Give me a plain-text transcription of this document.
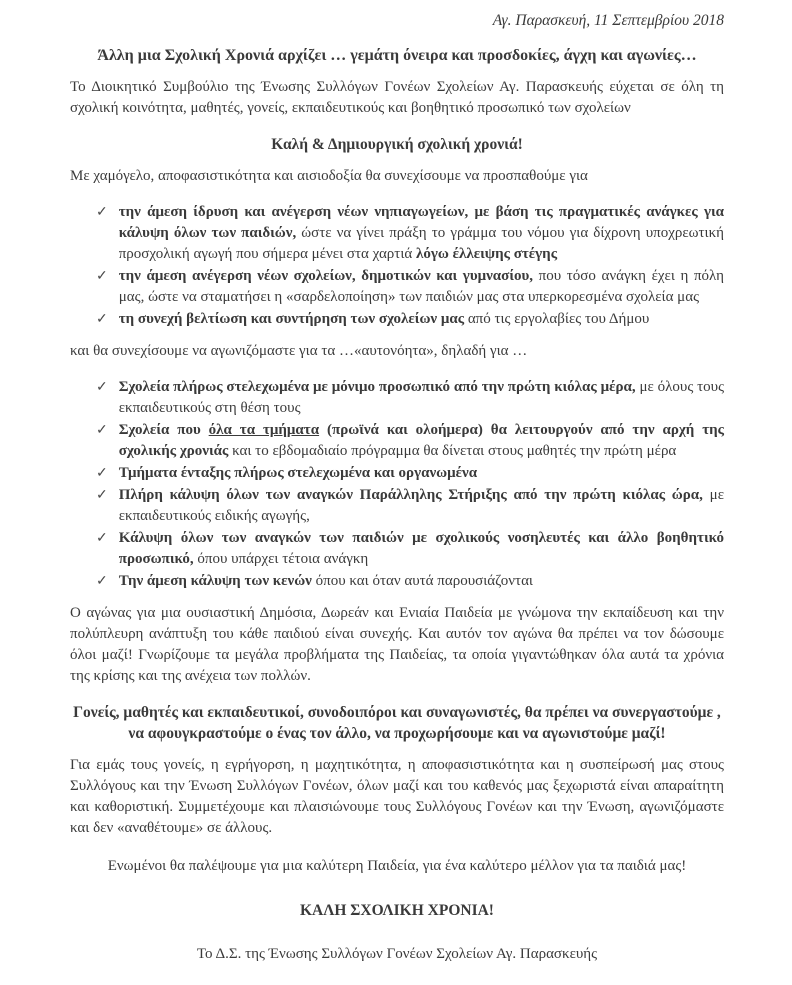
Αγ. Παρασκευή, 11 Σεπτεμβρίου 2018
Άλλη μια Σχολική Χρονιά αρχίζει … γεμάτη όνειρα και προσδοκίες, άγχη και αγωνίες…

Το Διοικητικό Συμβούλιο της Ένωσης Συλλόγων Γονέων Σχολείων Αγ. Παρασκευής εύχεται σε όλη τη σχολική κοινότητα, μαθητές, γονείς, εκπαιδευτικούς και βοηθητικό προσωπικό των σχολείων

Καλή & Δημιουργική σχολική χρονιά!

Με χαμόγελο, αποφασιστικότητα και αισιοδοξία θα συνεχίσουμε να προσπαθούμε για

✓ την άμεση ίδρυση και ανέγερση νέων νηπιαγωγείων, με βάση τις πραγματικές ανάγκες για κάλυψη όλων των παιδιών, ώστε να γίνει πράξη το γράμμα του νόμου για δίχρονη υποχρεωτική προσχολική αγωγή που σήμερα μένει στα χαρτιά λόγω έλλειψης στέγης
✓ την άμεση ανέγερση νέων σχολείων, δημοτικών και γυμνασίου, που τόσο ανάγκη έχει η πόλη μας, ώστε να σταματήσει η «σαρδελοποίηση» των παιδιών μας στα υπερκορεσμένα σχολεία μας
✓ τη συνεχή βελτίωση και συντήρηση των σχολείων μας από τις εργολαβίες του Δήμου

και θα συνεχίσουμε να αγωνιζόμαστε για τα …«αυτονόητα», δηλαδή για …

✓ Σχολεία πλήρως στελεχωμένα με μόνιμο προσωπικό από την πρώτη κιόλας μέρα, με όλους τους εκπαιδευτικούς στη θέση τους
✓ Σχολεία που όλα τα τμήματα (πρωϊνά και ολοήμερα) θα λειτουργούν από την αρχή της σχολικής χρονιάς και το εβδομαδιαίο πρόγραμμα θα δίνεται στους μαθητές την πρώτη μέρα
✓ Τμήματα ένταξης πλήρως στελεχωμένα και οργανωμένα
✓ Πλήρη κάλυψη όλων των αναγκών Παράλληλης Στήριξης από την πρώτη κιόλας ώρα, με εκπαιδευτικούς ειδικής αγωγής,
✓ Κάλυψη όλων των αναγκών των παιδιών με σχολικούς νοσηλευτές και άλλο βοηθητικό προσωπικό, όπου υπάρχει τέτοια ανάγκη
✓ Την άμεση κάλυψη των κενών όπου και όταν αυτά παρουσιάζονται

Ο αγώνας για μια ουσιαστική Δημόσια, Δωρεάν και Ενιαία Παιδεία με γνώμονα την εκπαίδευση και την πολύπλευρη ανάπτυξη του κάθε παιδιού είναι συνεχής. Και αυτόν τον αγώνα θα πρέπει να τον δώσουμε όλοι μαζί! Γνωρίζουμε τα μεγάλα προβλήματα της Παιδείας, τα οποία γιγαντώθηκαν όλα αυτά τα χρόνια της κρίσης και της ανέχεια των πολλών.

Γονείς, μαθητές και εκπαιδευτικοί, συνοδοιπόροι και συναγωνιστές, θα πρέπει να συνεργαστούμε , να αφουγκραστούμε ο ένας τον άλλο, να προχωρήσουμε και να αγωνιστούμε μαζί!

Για εμάς τους γονείς, η εγρήγορση, η μαχητικότητα, η αποφασιστικότητα και η συσπείρωσή μας στους Συλλόγους και την Ένωση Συλλόγων Γονέων, όλων μαζί και του καθενός μας ξεχωριστά είναι απαραίτητη και καθοριστική. Συμμετέχουμε και πλαισιώνουμε τους Συλλόγους Γονέων και την Ένωση, αγωνιζόμαστε και δεν «αναθέτουμε» σε άλλους.

Ενωμένοι θα παλέψουμε για μια καλύτερη Παιδεία, για ένα καλύτερο μέλλον για τα παιδιά μας!
ΚΑΛΗ ΣΧΟΛΙΚΗ ΧΡΟΝΙΑ!
Το Δ.Σ. της Ένωσης Συλλόγων Γονέων Σχολείων Αγ. Παρασκευής
